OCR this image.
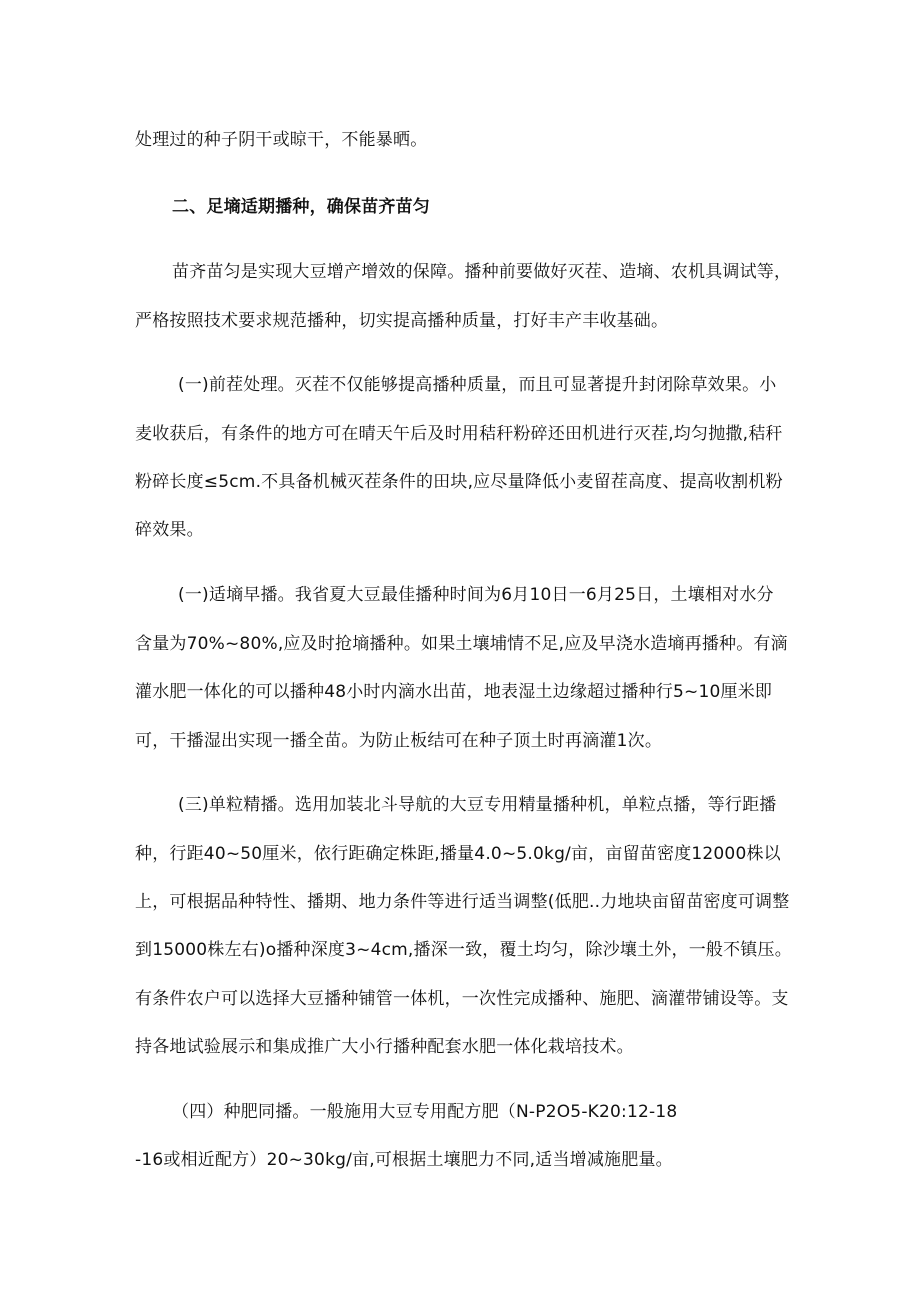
处理过的种子阴干或晾干，不能暴晒。
二、足墒适期播种，确保苗齐苗匀
苗齐苗匀是实现大豆增产增效的保障。播种前要做好灭茬、造墒、农机具调试等，
严格按照技术要求规范播种，切实提高播种质量，打好丰产丰收基础。
(一)前茬处理。灭茬不仅能够提高播种质量，而且可显著提升封闭除草效果。小
麦收获后，有条件的地方可在晴天午后及时用秸秆粉碎还田机进行灭茬,均匀抛撒,秸秆
粉碎长度≤5cm.不具备机械灭茬条件的田块,应尽量降低小麦留茬高度、提高收割机粉
碎效果。
(一)适墒早播。我省夏大豆最佳播种时间为6月10日一6月25日，土壤相对水分
含量为70%~80%,应及时抢墒播种。如果土壤埔情不足,应及早浇水造墒再播种。有滴
灌水肥一体化的可以播种48小时内滴水出苗，地表湿土边缘超过播种行5~10厘米即
可，干播湿出实现一播全苗。为防止板结可在种子顶土时再滴灌1次。
(三)单粒精播。选用加装北斗导航的大豆专用精量播种机，单粒点播，等行距播
种，行距40~50厘米，依行距确定株距,播量4.0~5.0kg/亩，亩留苗密度12000株以
上，可根据品种特性、播期、地力条件等进行适当调整(低肥..力地块亩留苗密度可调整
到15000株左右)o播种深度3~4cm,播深一致，覆土均匀，除沙壤土外，一般不镇压。
有条件农户可以选择大豆播种铺管一体机，一次性完成播种、施肥、滴灌带铺设等。支
持各地试验展示和集成推广大小行播种配套水肥一体化栽培技术。
（四）种肥同播。一般施用大豆专用配方肥（N-P2O5-K20:12-18
-16或相近配方）20~30kg/亩,可根据土壤肥力不同,适当增减施肥量。
